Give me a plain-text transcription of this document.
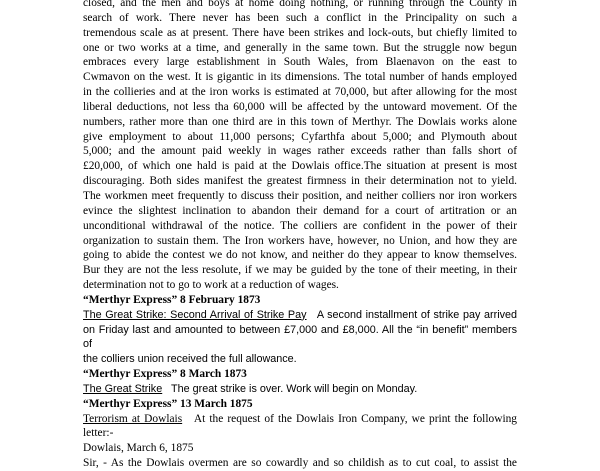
closed, and the men and boys at home doing nothing, or running through the County in
search of work. There never has been such a conflict in the Principality on such a
tremendous scale as at present. There have been strikes and lock-outs, but chiefly limited to
one or two works at a time, and generally in the same town. But the struggle now begun
embraces every large establishment in South Wales, from Blaenavon on the east to
Cwmavon on the west. It is gigantic in its dimensions. The total number of hands employed
in the collieries and at the iron works is estimated at 70,000, but after allowing for the most
liberal deductions, not less tha 60,000 will be affected by the untoward movement. Of the
numbers, rather more than one third are in this town of Merthyr. The Dowlais works alone
give employment to about 11,000 persons; Cyfarthfa about 5,000; and Plymouth about
5,000; and the amount paid weekly in wages rather exceeds rather than falls short of
£20,000, of which one hald is paid at the Dowlais office.The situation at present is most
discouraging. Both sides manifest the greatest firmness in their determination not to yield.
The workmen meet frequently to discuss their position, and neither colliers nor iron workers
evince the slightest inclination to abandon their demand for a court of artitration or an
unconditional withdrawal of the notice. The colliers are confident in the power of their
organization to sustain them. The Iron workers have, however, no Union, and how they are
going to abide the contest we do not know, and neither do they appear to know themselves.
Bur they are not the less resolute, if we may be guided by the tone of their meeting, in their
determination not to go to work at a reduction of wages.
“Merthyr Express” 8 February 1873
The Great Strike: Second Arrival of Strike Pay A second installment of strike pay arrived
on Friday last and amounted to between £7,000 and £8,000. All the “in benefit” members of
the colliers union received the full allowance.
“Merthyr Express” 8 March 1873
The Great Strike The great strike is over. Work will begin on Monday.
“Merthyr Express” 13 March 1875
Terrorism at Dowlais At the request of the Dowlais Iron Company, we print the following
letter:-
Dowlais, March 6, 1875
Sir, - As the Dowlais overmen are so cowardly and so childish as to cut coal, to assist the
